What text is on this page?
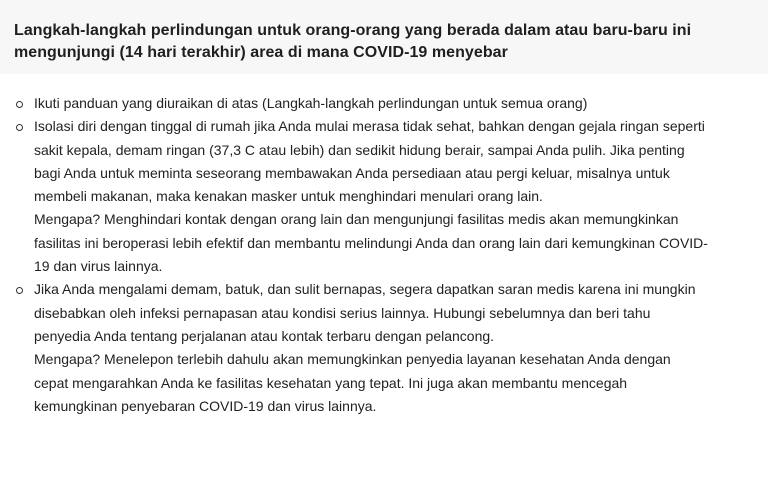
Langkah-langkah perlindungan untuk orang-orang yang berada dalam atau baru-baru ini mengunjungi (14 hari terakhir) area di mana COVID-19 menyebar
Ikuti panduan yang diuraikan di atas (Langkah-langkah perlindungan untuk semua orang)
Isolasi diri dengan tinggal di rumah jika Anda mulai merasa tidak sehat, bahkan dengan gejala ringan seperti sakit kepala, demam ringan (37,3 C atau lebih) dan sedikit hidung berair, sampai Anda pulih. Jika penting bagi Anda untuk meminta seseorang membawakan Anda persediaan atau pergi keluar, misalnya untuk membeli makanan, maka kenakan masker untuk menghindari menulari orang lain.
Mengapa? Menghindari kontak dengan orang lain dan mengunjungi fasilitas medis akan memungkinkan fasilitas ini beroperasi lebih efektif dan membantu melindungi Anda dan orang lain dari kemungkinan COVID-19 dan virus lainnya.
Jika Anda mengalami demam, batuk, dan sulit bernapas, segera dapatkan saran medis karena ini mungkin disebabkan oleh infeksi pernapasan atau kondisi serius lainnya. Hubungi sebelumnya dan beri tahu penyedia Anda tentang perjalanan atau kontak terbaru dengan pelancong.
Mengapa? Menelepon terlebih dahulu akan memungkinkan penyedia layanan kesehatan Anda dengan cepat mengarahkan Anda ke fasilitas kesehatan yang tepat. Ini juga akan membantu mencegah kemungkinan penyebaran COVID-19 dan virus lainnya.
